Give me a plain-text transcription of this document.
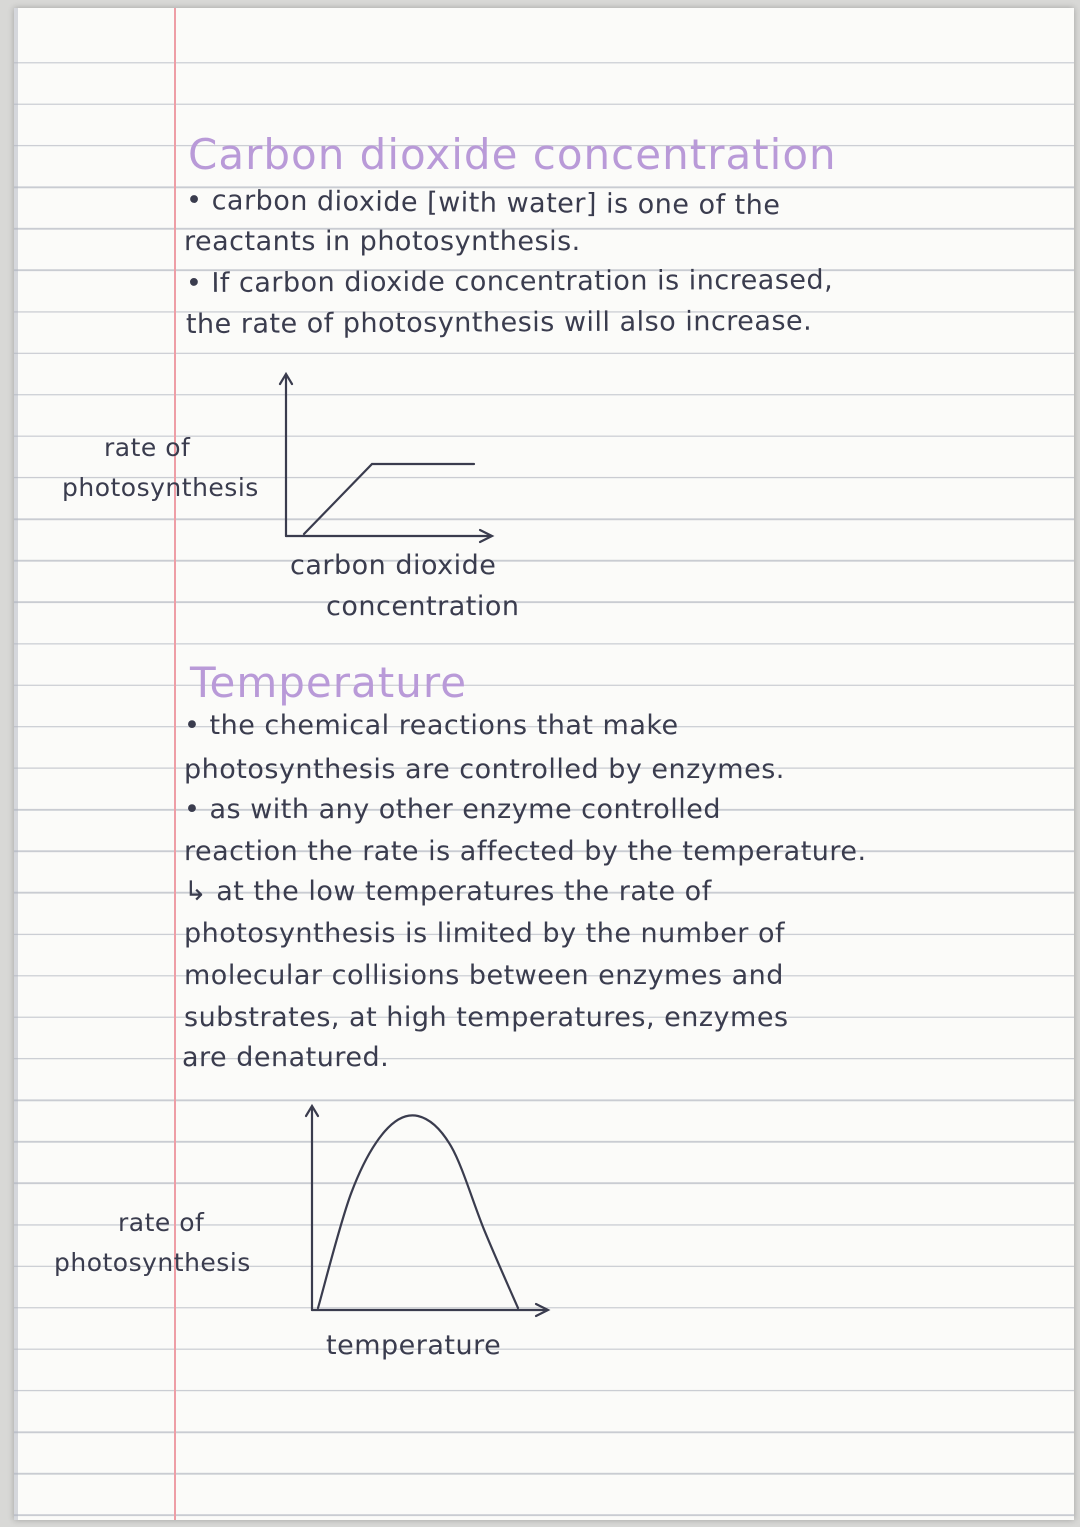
Carbon dioxide concentration
• carbon dioxide [with water] is one of the
reactants in photosynthesis.
• If carbon dioxide concentration is increased,
the rate of photosynthesis will also increase.
rate of
photosynthesis
carbon dioxide
concentration
Temperature
• the chemical reactions that make
photosynthesis are controlled by enzymes.
• as with any other enzyme controlled
reaction the rate is affected by the temperature.
↳ at the low temperatures the rate of
photosynthesis is limited by the number of
molecular collisions between enzymes and
substrates, at high temperatures, enzymes
are denatured.
rate of
photosynthesis
temperature
